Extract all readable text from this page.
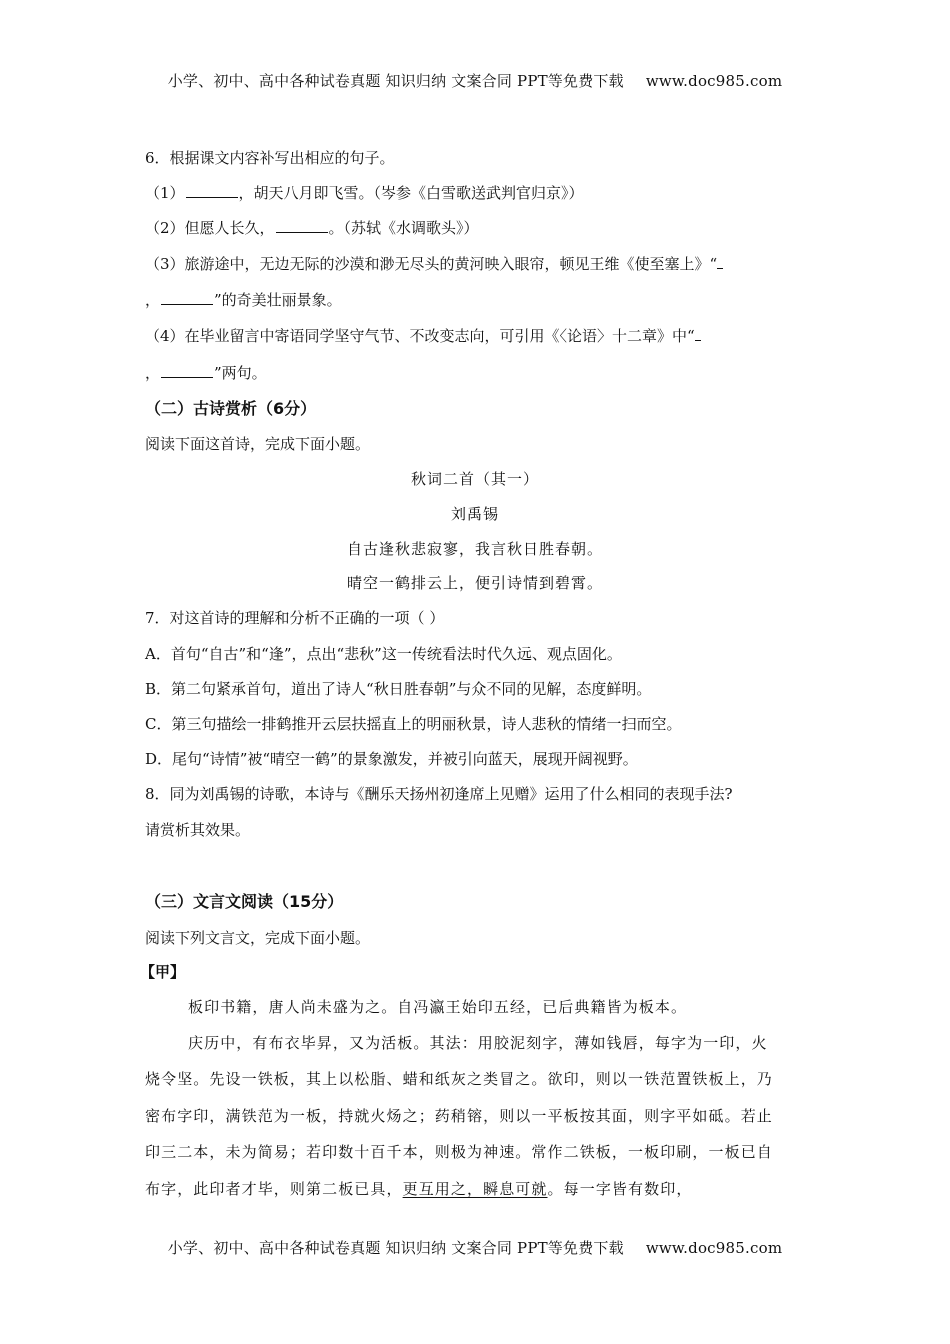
小学、初中、高中各种试卷真题 知识归纳 文案合同 PPT等免费下载 www.doc985.com
6．根据课文内容补写出相应的句子。
（1）	，胡天八月即飞雪。（岑参《白雪歌送武判官归京》）
（2）但愿人长久，	。（苏轼《水调歌头》）
（3）旅游途中，无边无际的沙漠和渺无尽头的黄河映入眼帘，顿见王维《使至塞上》“
，	”的奇美壮丽景象。
（4）在毕业留言中寄语同学坚守气节、不改变志向，可引用《〈论语〉十二章》中“
，	”两句。
（二）古诗赏析（6分）
阅读下面这首诗，完成下面小题。
秋词二首（其一）
刘禹锡
自古逢秋悲寂寥，我言秋日胜春朝。
晴空一鹤排云上，便引诗情到碧霄。
7．对这首诗的理解和分析不正确的一项（ ）
A．首句“自古”和“逢”，点出“悲秋”这一传统看法时代久远、观点固化。
B．第二句紧承首句，道出了诗人“秋日胜春朝”与众不同的见解，态度鲜明。
C．第三句描绘一排鹤推开云层扶摇直上的明丽秋景，诗人悲秋的情绪一扫而空。
D．尾句“诗情”被“晴空一鹤”的景象激发，并被引向蓝天，展现开阔视野。
8．同为刘禹锡的诗歌，本诗与《酬乐天扬州初逢席上见赠》运用了什么相同的表现手法?
请赏析其效果。
（三）文言文阅读（15分）
阅读下列文言文，完成下面小题。
【甲】
板印书籍，唐人尚未盛为之。自冯瀛王始印五经，已后典籍皆为板本。
庆历中，有布衣毕昇，又为活板。其法：用胶泥刻字，薄如钱唇，每字为一印，火
烧令坚。先设一铁板，其上以松脂、蜡和纸灰之类冒之。欲印，则以一铁范置铁板上，乃
密布字印，满铁范为一板，持就火炀之；药稍镕，则以一平板按其面，则字平如砥。若止
印三二本，未为简易；若印数十百千本，则极为神速。常作二铁板，一板印刷，一板已自
布字，此印者才毕，则第二板已具，更互用之，瞬息可就。每一字皆有数印，
小学、初中、高中各种试卷真题 知识归纳 文案合同 PPT等免费下载 www.doc985.com
